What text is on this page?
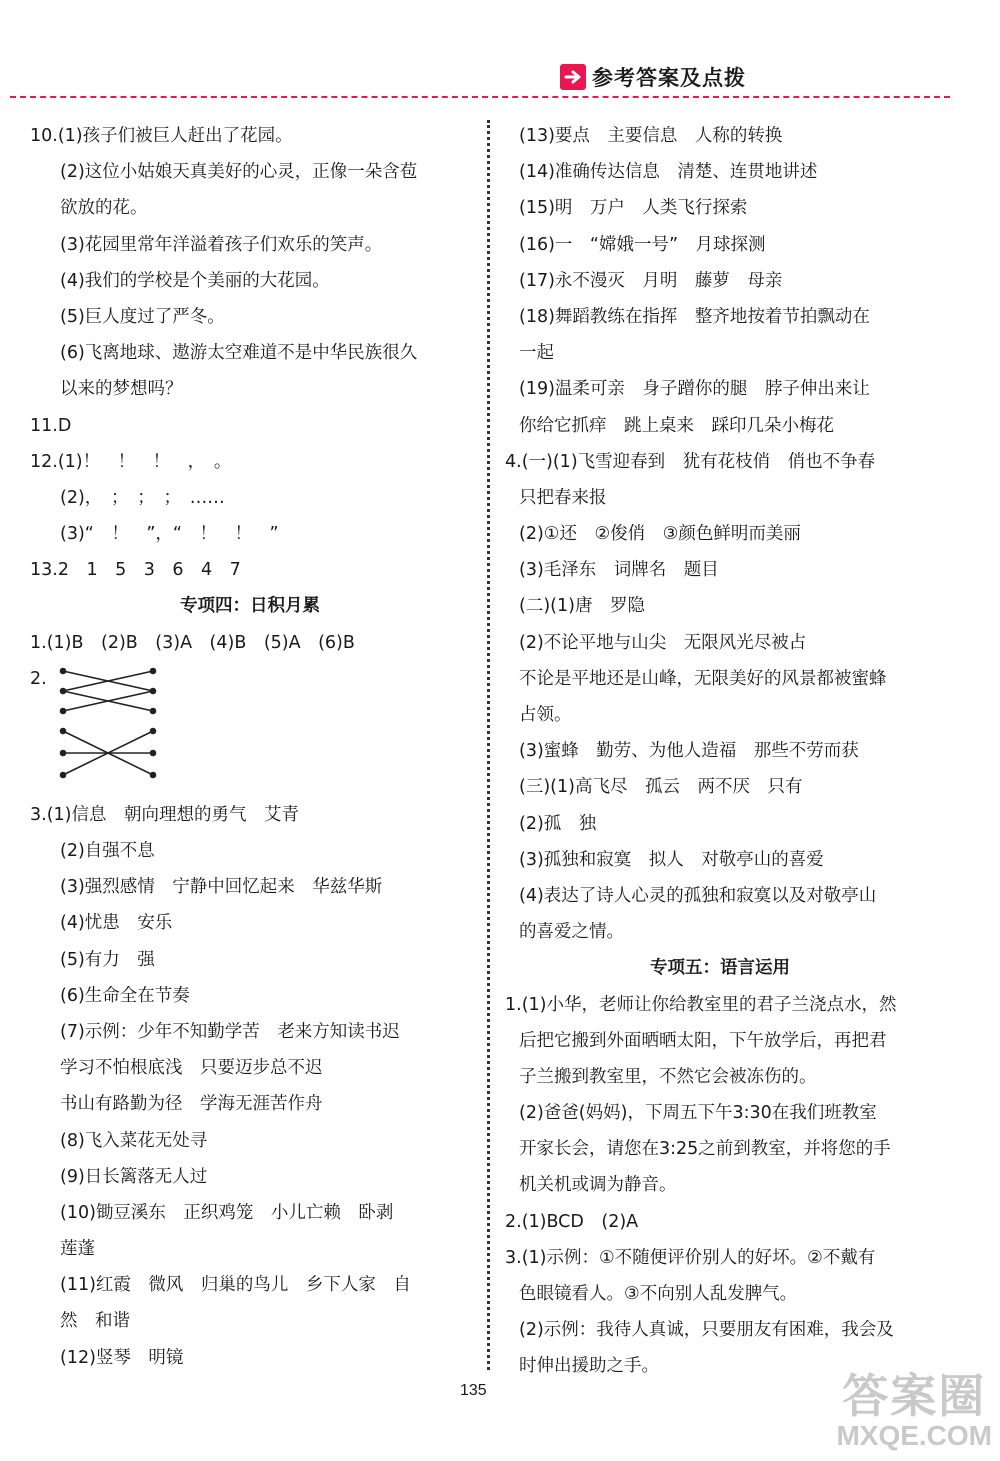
参考答案及点拨
10.(1)孩子们被巨人赶出了花园。
(2)这位小姑娘天真美好的心灵，正像一朵含苞
欲放的花。
(3)花园里常年洋溢着孩子们欢乐的笑声。
(4)我们的学校是个美丽的大花园。
(5)巨人度过了严冬。
(6)飞离地球、遨游太空难道不是中华民族很久
以来的梦想吗？
11.D
12.(1)！　！　！　，　。
(2)，　；　；　；　……
(3)“　！　”，“　！　！　”
13.2　1　5　3　6　4　7
专项四：日积月累
1.(1)B　(2)B　(3)A　(4)B　(5)A　(6)B
2.
3.(1)信息　朝向理想的勇气　艾青
(2)自强不息
(3)强烈感情　宁静中回忆起来　华兹华斯
(4)忧患　安乐
(5)有力　强
(6)生命全在节奏
(7)示例：少年不知勤学苦　老来方知读书迟
学习不怕根底浅　只要迈步总不迟
书山有路勤为径　学海无涯苦作舟
(8)飞入菜花无处寻
(9)日长篱落无人过
(10)锄豆溪东　正织鸡笼　小儿亡赖　卧剥
莲蓬
(11)红霞　微风　归巢的鸟儿　乡下人家　自
然　和谐
(12)竖琴　明镜
(13)要点　主要信息　人称的转换
(14)准确传达信息　清楚、连贯地讲述
(15)明　万户　人类飞行探索
(16)一　“嫦娥一号”　月球探测
(17)永不漫灭　月明　藤萝　母亲
(18)舞蹈教练在指挥　整齐地按着节拍飘动在
一起
(19)温柔可亲　身子蹭你的腿　脖子伸出来让
你给它抓痒　跳上桌来　踩印几朵小梅花
4.(一)(1)飞雪迎春到　犹有花枝俏　俏也不争春
只把春来报
(2)①还　②俊俏　③颜色鲜明而美丽
(3)毛泽东　词牌名　题目
(二)(1)唐　罗隐
(2)不论平地与山尖　无限风光尽被占
不论是平地还是山峰，无限美好的风景都被蜜蜂
占领。
(3)蜜蜂　勤劳、为他人造福　那些不劳而获
(三)(1)高飞尽　孤云　两不厌　只有
(2)孤　独
(3)孤独和寂寞　拟人　对敬亭山的喜爱
(4)表达了诗人心灵的孤独和寂寞以及对敬亭山
的喜爱之情。
专项五：语言运用
1.(1)小华，老师让你给教室里的君子兰浇点水，然
后把它搬到外面晒晒太阳，下午放学后，再把君
子兰搬到教室里，不然它会被冻伤的。
(2)爸爸(妈妈)，下周五下午3:30在我们班教室
开家长会，请您在3:25之前到教室，并将您的手
机关机或调为静音。
2.(1)BCD　(2)A
3.(1)示例：①不随便评价别人的好坏。②不戴有
色眼镜看人。③不向别人乱发脾气。
(2)示例：我待人真诚，只要朋友有困难，我会及
时伸出援助之手。
135	答案圈
MXQE.COM
